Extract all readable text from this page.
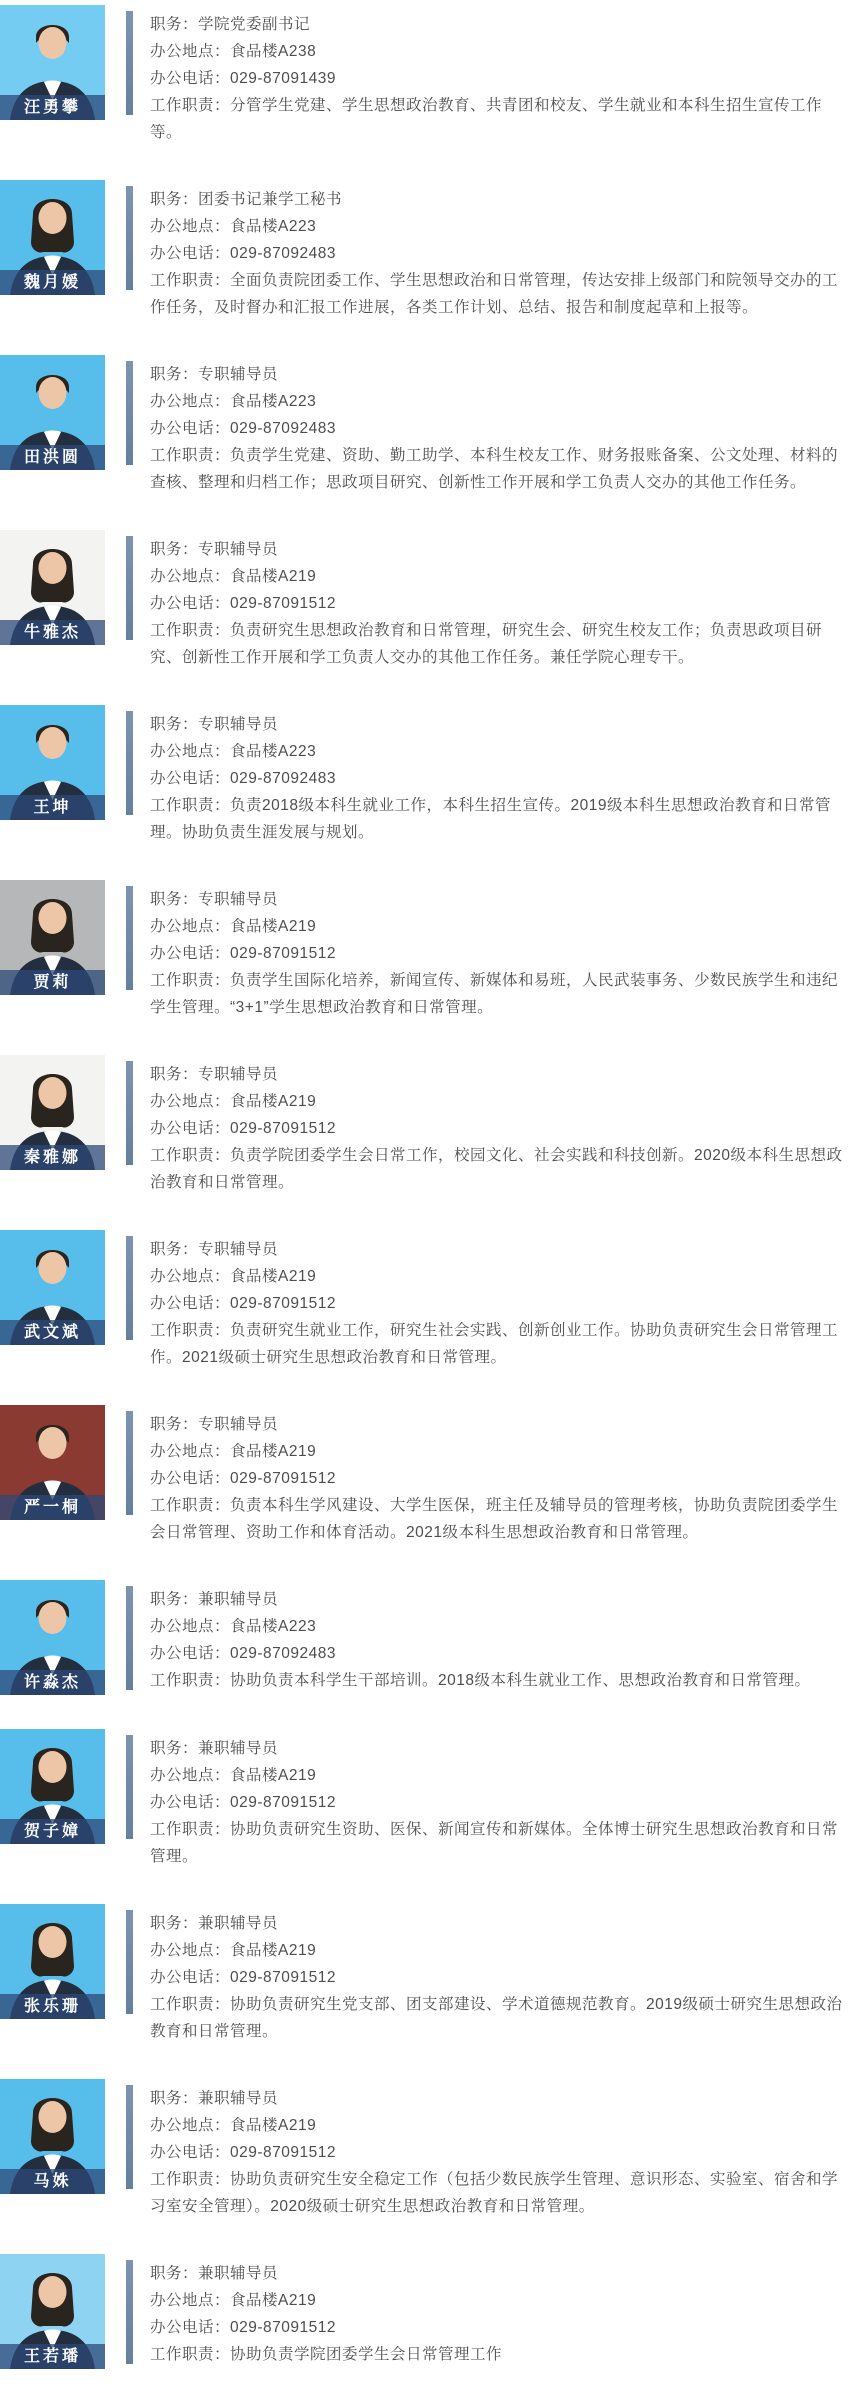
汪勇攀

职务：学院党委副书记

办公地点：食品楼A238

办公电话：029-87091439

工作职责：分管学生党建、学生思想政治教育、共青团和校友、学生就业和本科生招生宣传工作等。

魏月媛

职务：团委书记兼学工秘书

办公地点：食品楼A223

办公电话：029-87092483

工作职责：全面负责院团委工作、学生思想政治和日常管理，传达安排上级部门和院领导交办的工作任务，及时督办和汇报工作进展，各类工作计划、总结、报告和制度起草和上报等。

田洪圆

职务：专职辅导员

办公地点：食品楼A223

办公电话：029-87092483

工作职责：负责学生党建、资助、勤工助学、本科生校友工作、财务报账备案、公文处理、材料的查核、整理和归档工作；思政项目研究、创新性工作开展和学工负责人交办的其他工作任务。

牛雅杰

职务：专职辅导员

办公地点：食品楼A219

办公电话：029-87091512

工作职责：负责研究生思想政治教育和日常管理，研究生会、研究生校友工作；负责思政项目研究、创新性工作开展和学工负责人交办的其他工作任务。兼任学院心理专干。

王坤

职务：专职辅导员

办公地点：食品楼A223

办公电话：029-87092483

工作职责：负责2018级本科生就业工作，本科生招生宣传。2019级本科生思想政治教育和日常管理。协助负责生涯发展与规划。

贾莉

职务：专职辅导员

办公地点：食品楼A219

办公电话：029-87091512

工作职责：负责学生国际化培养，新闻宣传、新媒体和易班，人民武装事务、少数民族学生和违纪学生管理。“3+1”学生思想政治教育和日常管理。

秦雅娜

职务：专职辅导员

办公地点：食品楼A219

办公电话：029-87091512

工作职责：负责学院团委学生会日常工作，校园文化、社会实践和科技创新。2020级本科生思想政治教育和日常管理。

武文斌

职务：专职辅导员

办公地点：食品楼A219

办公电话：029-87091512

工作职责：负责研究生就业工作，研究生社会实践、创新创业工作。协助负责研究生会日常管理工作。2021级硕士研究生思想政治教育和日常管理。

严一桐

职务：专职辅导员

办公地点：食品楼A219

办公电话：029-87091512

工作职责：负责本科生学风建设、大学生医保，班主任及辅导员的管理考核，协助负责院团委学生会日常管理、资助工作和体育活动。2021级本科生思想政治教育和日常管理。

许淼杰

职务：兼职辅导员

办公地点：食品楼A223

办公电话：029-87092483

工作职责：协助负责本科学生干部培训。2018级本科生就业工作、思想政治教育和日常管理。

贺子嫜

职务：兼职辅导员

办公地点：食品楼A219

办公电话：029-87091512

工作职责：协助负责研究生资助、医保、新闻宣传和新媒体。全体博士研究生思想政治教育和日常管理。

张乐珊

职务：兼职辅导员

办公地点：食品楼A219

办公电话：029-87091512

工作职责：协助负责研究生党支部、团支部建设、学术道德规范教育。2019级硕士研究生思想政治教育和日常管理。

马姝

职务：兼职辅导员

办公地点：食品楼A219

办公电话：029-87091512

工作职责：协助负责研究生安全稳定工作（包括少数民族学生管理、意识形态、实验室、宿舍和学习室安全管理）。2020级硕士研究生思想政治教育和日常管理。

王若璠

职务：兼职辅导员

办公地点：食品楼A219

办公电话：029-87091512

工作职责：协助负责学院团委学生会日常管理工作
